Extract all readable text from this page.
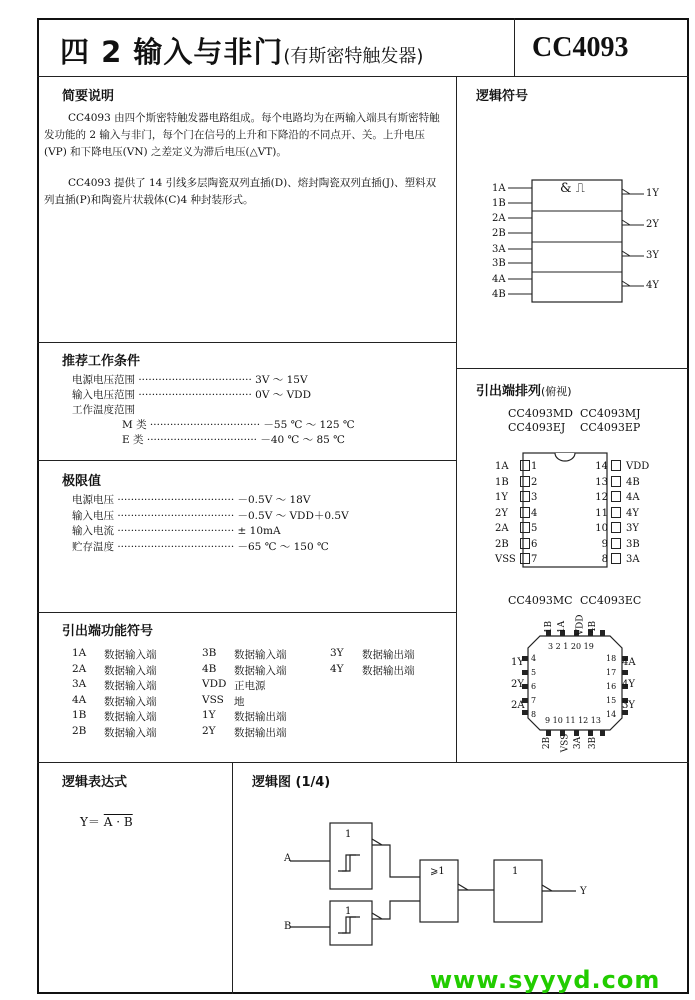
四 2 输入与非门(有斯密特触发器)	CC4093
简要说明
CC4093 由四个斯密特触发器电路组成。每个电路均为在两输入端具有斯密特触发功能的 2 输入与非门，每个门在信号的上升和下降沿的不同点开、关。上升电压(VP) 和下降电压(VN) 之差定义为滞后电压(△VT)。
CC4093 提供了 14 引线多层陶瓷双列直插(D)、熔封陶瓷双列直插(J)、塑料双列直插(P)和陶瓷片状载体(C)4 种封装形式。
逻辑符号
& ⎍
1A
1B
2A
2B
3A
3B
4A
4B
1Y
2Y
3Y
4Y
推荐工作条件
电源电压范围 ·································· 3V ～ 15V
输入电压范围 ·································· 0V ～ VDD
工作温度范围
M 类 ································· －55 ℃ ～ 125 ℃
E 类 ································· －40 ℃ ～ 85 ℃
极限值
电源电压 ··································· －0.5V ～ 18V
输入电压 ··································· －0.5V ～ VDD＋0.5V
输入电流 ··································· ± 10mA
贮存温度 ··································· －65 ℃ ～ 150 ℃
引出端排列(俯视)
CC4093MD CC4093MJ
CC4093EJ CC4093EP
1A 1
1B 2
1Y 3
2Y 4
2A 5
2B 6
VSS 7
14 VDD
13 4B
12 4A
11 4Y
10 3Y
9 3B
8 3A
CC4093MC CC4093EC
1B 1A VDD 4B
3 2 1 20 19
9 10 11 12 13
1Y
2Y
2A
4A
4Y
3Y
4
5
6
7
8
18
17
16
15
14
2B VSS 3A 3B
引出端功能符号
1A 数据输入端
2A 数据输入端
3A 数据输入端
4A 数据输入端
1B 数据输入端
2B 数据输入端
3B 数据输入端
4B 数据输入端
VDD 正电源
VSS 地
1Y 数据输出端
2Y 数据输出端
3Y 数据输出端
4Y 数据输出端
逻辑表达式
Y＝ A · B
逻辑图 (1/4)
A
B
Y
1
1
⩾1	1
www.syyyd.com
